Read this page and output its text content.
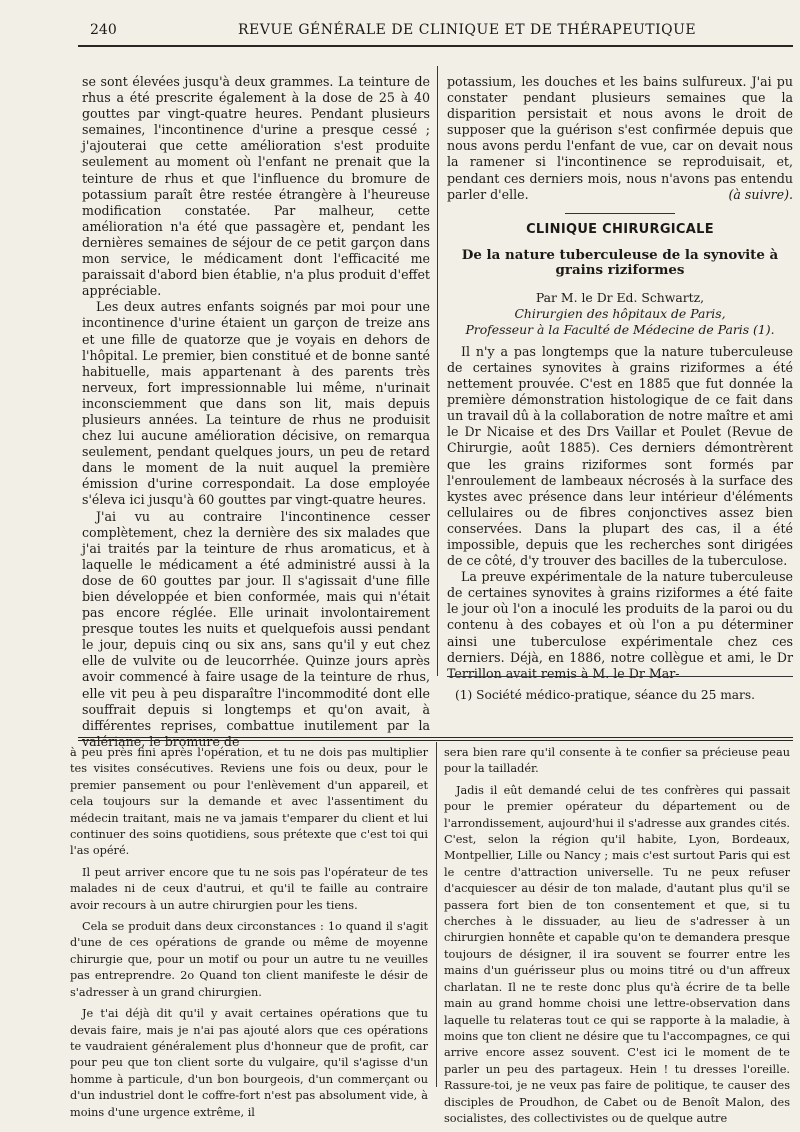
240	REVUE GÉNÉRALE DE CLINIQUE ET DE THÉRAPEUTIQUE

se sont élevées jusqu'à deux grammes. La teinture de rhus a été prescrite également à la dose de 25 à 40 gouttes par vingt-quatre heures. Pendant plusieurs semaines, l'incontinence d'urine a presque cessé ; j'ajouterai que cette amélioration s'est produite seulement au moment où l'enfant ne prenait que la teinture de rhus et que l'influence du bromure de potassium paraît être restée étrangère à l'heureuse modification constatée. Par malheur, cette amélioration n'a été que passagère et, pendant les dernières semaines de séjour de ce petit garçon dans mon service, le médicament dont l'efficacité me paraissait d'abord bien établie, n'a plus produit d'effet appréciable.

Les deux autres enfants soignés par moi pour une incontinence d'urine étaient un garçon de treize ans et une fille de quatorze que je voyais en dehors de l'hôpital. Le premier, bien constitué et de bonne santé habituelle, mais appartenant à des parents très nerveux, fort impressionnable lui même, n'urinait inconsciemment que dans son lit, mais depuis plusieurs années. La teinture de rhus ne produisit chez lui aucune amélioration décisive, on remarqua seulement, pendant quelques jours, un peu de retard dans le moment de la nuit auquel la première émission d'urine correspondait. La dose employée s'éleva ici jusqu'à 60 gouttes par vingt-quatre heures.

J'ai vu au contraire l'incontinence cesser complètement, chez la dernière des six malades que j'ai traités par la teinture de rhus aromaticus, et à laquelle le médicament a été administré aussi à la dose de 60 gouttes par jour. Il s'agissait d'une fille bien développée et bien conformée, mais qui n'était pas encore réglée. Elle urinait involontairement presque toutes les nuits et quelquefois aussi pendant le jour, depuis cinq ou six ans, sans qu'il y eut chez elle de vulvite ou de leucorrhée. Quinze jours après avoir commencé à faire usage de la teinture de rhus, elle vit peu à peu disparaître l'incommodité dont elle souffrait depuis si longtemps et qu'on avait, à différentes reprises, combattue inutilement par la valériane, le bromure de

potassium, les douches et les bains sulfureux. J'ai pu constater pendant plusieurs semaines que la disparition persistait et nous avons le droit de supposer que la guérison s'est confirmée depuis que nous avons perdu l'enfant de vue, car on devait nous la ramener si l'incontinence se reproduisait, et, pendant ces derniers mois, nous n'avons pas entendu parler d'elle.	(à suivre).

CLINIQUE CHIRURGICALE
De la nature tuberculeuse de la synovite à grains riziformes
Par M. le Dr Ed. Schwartz,
Chirurgien des hôpitaux de Paris,
Professeur à la Faculté de Médecine de Paris (1).

Il n'y a pas longtemps que la nature tuberculeuse de certaines synovites à grains riziformes a été nettement prouvée. C'est en 1885 que fut donnée la première démonstration histologique de ce fait dans un travail dû à la collaboration de notre maître et ami le Dr Nicaise et des Drs Vaillar et Poulet (Revue de Chirurgie, août 1885). Ces derniers démontrèrent que les grains riziformes sont formés par l'enroulement de lambeaux nécrosés à la surface des kystes avec présence dans leur intérieur d'éléments cellulaires ou de fibres conjonctives assez bien conservées. Dans la plupart des cas, il a été impossible, depuis que les recherches sont dirigées de ce côté, d'y trouver des bacilles de la tuberculose.

La preuve expérimentale de la nature tuberculeuse de certaines synovites à grains riziformes a été faite le jour où l'on a inoculé les produits de la paroi ou du contenu à des cobayes et où l'on a pu déterminer ainsi une tuberculose expérimentale chez ces derniers. Déjà, en 1886, notre collègue et ami, le Dr Terrillon avait remis à M. le Dr Mar-

(1) Société médico-pratique, séance du 25 mars.

à peu près fini après l'opération, et tu ne dois pas multiplier tes visites consécutives. Reviens une fois ou deux, pour le premier pansement ou pour l'enlèvement d'un appareil, et cela toujours sur la demande et avec l'assentiment du médecin traitant, mais ne va jamais t'emparer du client et lui continuer des soins quotidiens, sous prétexte que c'est toi qui l'as opéré.

Il peut arriver encore que tu ne sois pas l'opérateur de tes malades ni de ceux d'autrui, et qu'il te faille au contraire avoir recours à un autre chirurgien pour les tiens.

Cela se produit dans deux circonstances : 1o quand il s'agit d'une de ces opérations de grande ou même de moyenne chirurgie que, pour un motif ou pour un autre tu ne veuilles pas entreprendre. 2o Quand ton client manifeste le désir de s'adresser à un grand chirurgien.

Je t'ai déjà dit qu'il y avait certaines opérations que tu devais faire, mais je n'ai pas ajouté alors que ces opérations te vaudraient généralement plus d'honneur que de profit, car pour peu que ton client sorte du vulgaire, qu'il s'agisse d'un homme à particule, d'un bon bourgeois, d'un commerçant ou d'un industriel dont le coffre-fort n'est pas absolument vide, à moins d'une urgence extrême, il

sera bien rare qu'il consente à te confier sa précieuse peau pour la tailladér.

Jadis il eût demandé celui de tes confrères qui passait pour le premier opérateur du département ou de l'arrondissement, aujourd'hui il s'adresse aux grandes cités. C'est, selon la région qu'il habite, Lyon, Bordeaux, Montpellier, Lille ou Nancy ; mais c'est surtout Paris qui est le centre d'attraction universelle. Tu ne peux refuser d'acquiescer au désir de ton malade, d'autant plus qu'il se passera fort bien de ton consentement et que, si tu cherches à le dissuader, au lieu de s'adresser à un chirurgien honnête et capable qu'on te demandera presque toujours de désigner, il ira souvent se fourrer entre les mains d'un guérisseur plus ou moins titré ou d'un affreux charlatan. Il ne te reste donc plus qu'à écrire de ta belle main au grand homme choisi une lettre-observation dans laquelle tu relateras tout ce qui se rapporte à la maladie, à moins que ton client ne désire que tu l'accompagnes, ce qui arrive encore assez souvent. C'est ici le moment de te parler un peu des partageux. Hein ! tu dresses l'oreille. Rassure-toi, je ne veux pas faire de politique, te causer des disciples de Proudhon, de Cabet ou de Benoît Malon, des socialistes, des collectivistes ou de quelque autre
